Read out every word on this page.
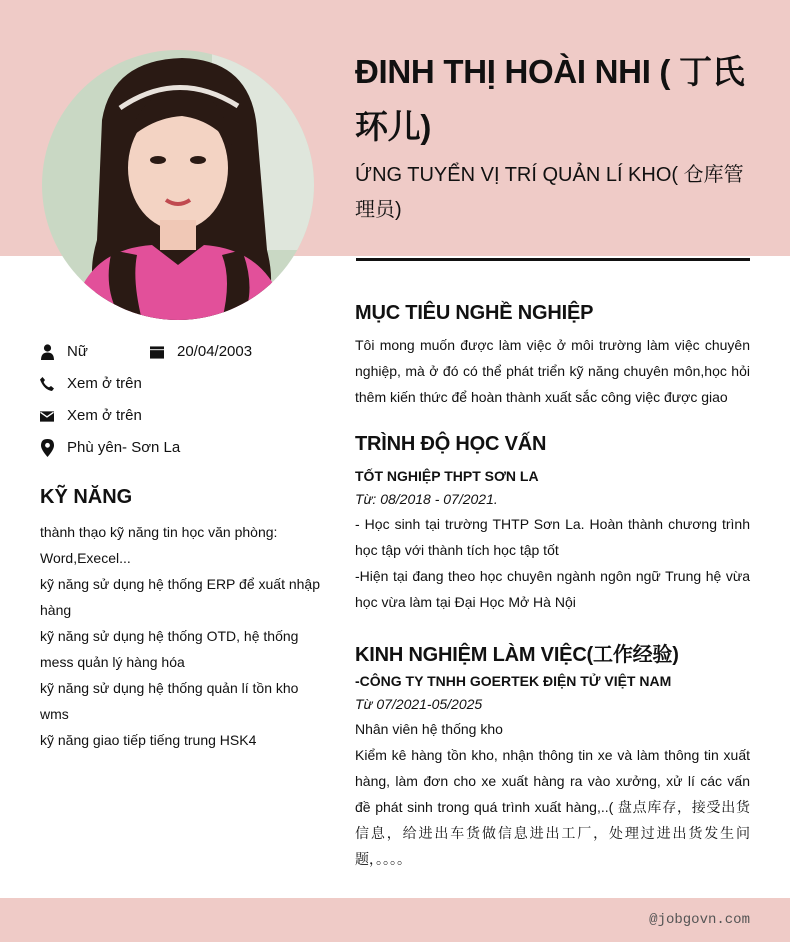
ĐINH THỊ HOÀI NHI ( 丁氏环儿)
ỨNG TUYỂN VỊ TRÍ QUẢN LÍ KHO( 仓库管理员)
Nữ	20/04/2003
Xem ở trên
Xem ở trên
Phù yên- Sơn La
KỸ NĂNG

thành thạo kỹ năng tin học văn phòng: Word,Execel...

kỹ năng sử dụng hệ thống ERP để xuất nhập hàng

kỹ năng sử dụng hệ thống OTD, hệ thống mess quản lý hàng hóa

kỹ năng sử dụng hệ thống quản lí tồn kho wms

kỹ năng giao tiếp tiếng trung HSK4

MỤC TIÊU NGHỀ NGHIỆP
Tôi mong muốn được làm việc ở môi trường làm việc chuyên nghiệp, mà ở đó có thể phát triển kỹ năng chuyên môn,học hỏi thêm kiến thức để hoàn thành xuất sắc công việc được giao
TRÌNH ĐỘ HỌC VẤN
TỐT NGHIỆP THPT SƠN LA
Từ: 08/2018 - 07/2021.
- Học sinh tại trường THTP Sơn La. Hoàn thành chương trình học tập với thành tích học tập tốt
-Hiện tại đang theo học chuyên ngành ngôn ngữ Trung hệ vừa học vừa làm tại Đại Học Mở Hà Nội
KINH NGHIỆM LÀM VIỆC(工作经验)
-CÔNG TY TNHH GOERTEK ĐIỆN TỬ VIỆT NAM
Từ 07/2021-05/2025
Nhân viên hệ thống kho
Kiểm kê hàng tồn kho, nhận thông tin xe và làm thông tin xuất hàng, làm đơn cho xe xuất hàng ra vào xưởng, xử lí các vấn đề phát sinh trong quá trình xuất hàng,..( 盘点库存，接受出货信息，给进出车货做信息进出工厂，处理过进出货发生问题，。。。。
@jobgovn.com
